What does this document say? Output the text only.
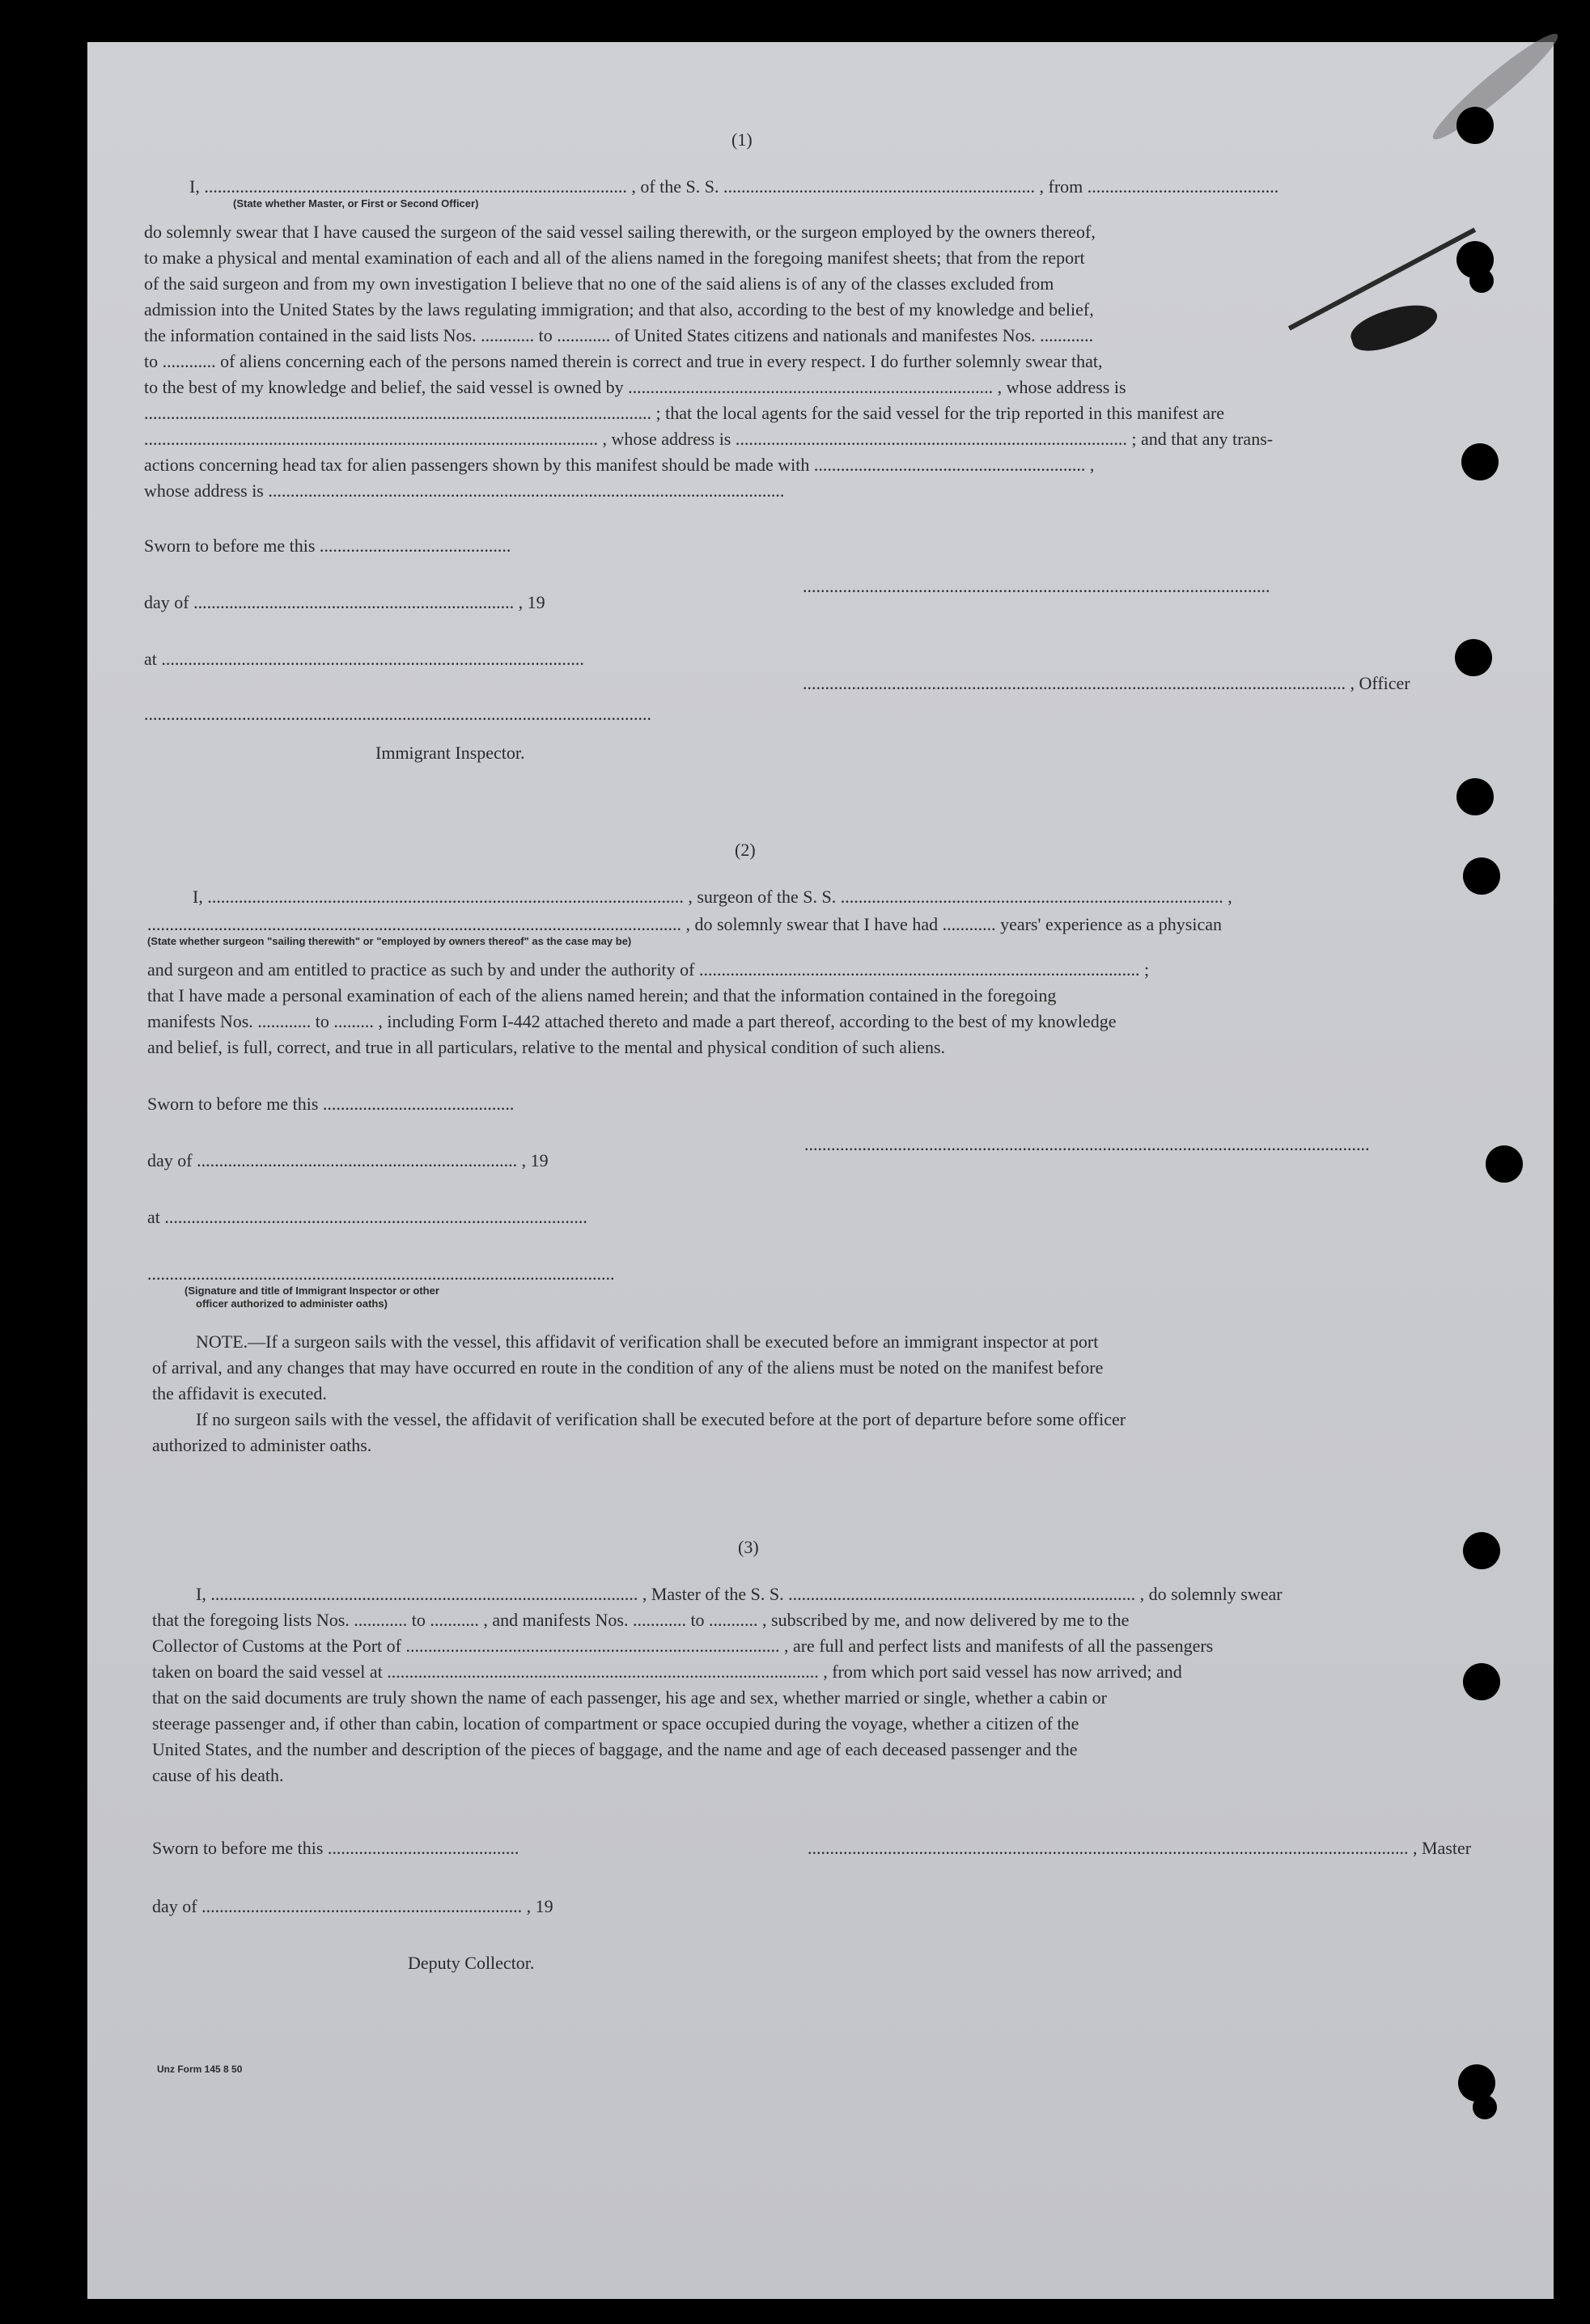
(1)
I, ............................................................................................... , of the S. S. ...................................................................... , from ...........................................
(State whether Master, or First or Second Officer)
do solemnly swear that I have caused the surgeon of the said vessel sailing therewith, or the surgeon employed by the owners thereof,
to make a physical and mental examination of each and all of the aliens named in the foregoing manifest sheets; that from the report
of the said surgeon and from my own investigation I believe that no one of the said aliens is of any of the classes excluded from
admission into the United States by the laws regulating immigration; and that also, according to the best of my knowledge and belief,
the information contained in the said lists Nos. ............ to ............ of United States citizens and nationals and manifestes Nos. ............
to ............ of aliens concerning each of the persons named therein is correct and true in every respect. I do further solemnly swear that,
to the best of my knowledge and belief, the said vessel is owned by .................................................................................. , whose address is
.................................................................................................................. ; that the local agents for the said vessel for the trip reported in this manifest are
...................................................................................................... , whose address is ........................................................................................ ; and that any trans-
actions concerning head tax for alien passengers shown by this manifest should be made with ............................................................. ,
whose address is ....................................................................................................................
Sworn to before me this ...........................................
.........................................................................................................
day of ........................................................................ , 19
at ...............................................................................................
.......................................................................................................................... , Officer
..................................................................................................................
Immigrant Inspector.
(2)
I, ........................................................................................................... , surgeon of the S. S. ...................................................................................... ,
........................................................................................................................ , do solemnly swear that I have had ............ years' experience as a physican
(State whether surgeon "sailing therewith" or "employed by owners thereof" as the case may be)
and surgeon and am entitled to practice as such by and under the authority of ................................................................................................... ;
that I have made a personal examination of each of the aliens named herein; and that the information contained in the foregoing
manifests Nos. ............ to ......... , including Form I-442 attached thereto and made a part thereof, according to the best of my knowledge
and belief, is full, correct, and true in all particulars, relative to the mental and physical condition of such aliens.
Sworn to before me this ...........................................
...............................................................................................................................
day of ........................................................................ , 19
at ...............................................................................................
.........................................................................................................
(Signature and title of Immigrant Inspector or other
officer authorized to administer oaths)
NOTE.—If a surgeon sails with the vessel, this affidavit of verification shall be executed before an immigrant inspector at port
of arrival, and any changes that may have occurred en route in the condition of any of the aliens must be noted on the manifest before
the affidavit is executed.
If no surgeon sails with the vessel, the affidavit of verification shall be executed before at the port of departure before some officer
authorized to administer oaths.
(3)
I, ................................................................................................ , Master of the S. S. .............................................................................. , do solemnly swear
that the foregoing lists Nos. ............ to ........... , and manifests Nos. ............ to ........... , subscribed by me, and now delivered by me to the
Collector of Customs at the Port of .................................................................................... , are full and perfect lists and manifests of all the passengers
taken on board the said vessel at ................................................................................................. , from which port said vessel has now arrived; and
that on the said documents are truly shown the name of each passenger, his age and sex, whether married or single, whether a cabin or
steerage passenger and, if other than cabin, location of compartment or space occupied during the voyage, whether a citizen of the
United States, and the number and description of the pieces of baggage, and the name and age of each deceased passenger and the
cause of his death.
Sworn to before me this ...........................................	....................................................................................................................................... , Master
day of ........................................................................ , 19
Deputy Collector.
Unz Form 145 8 50
